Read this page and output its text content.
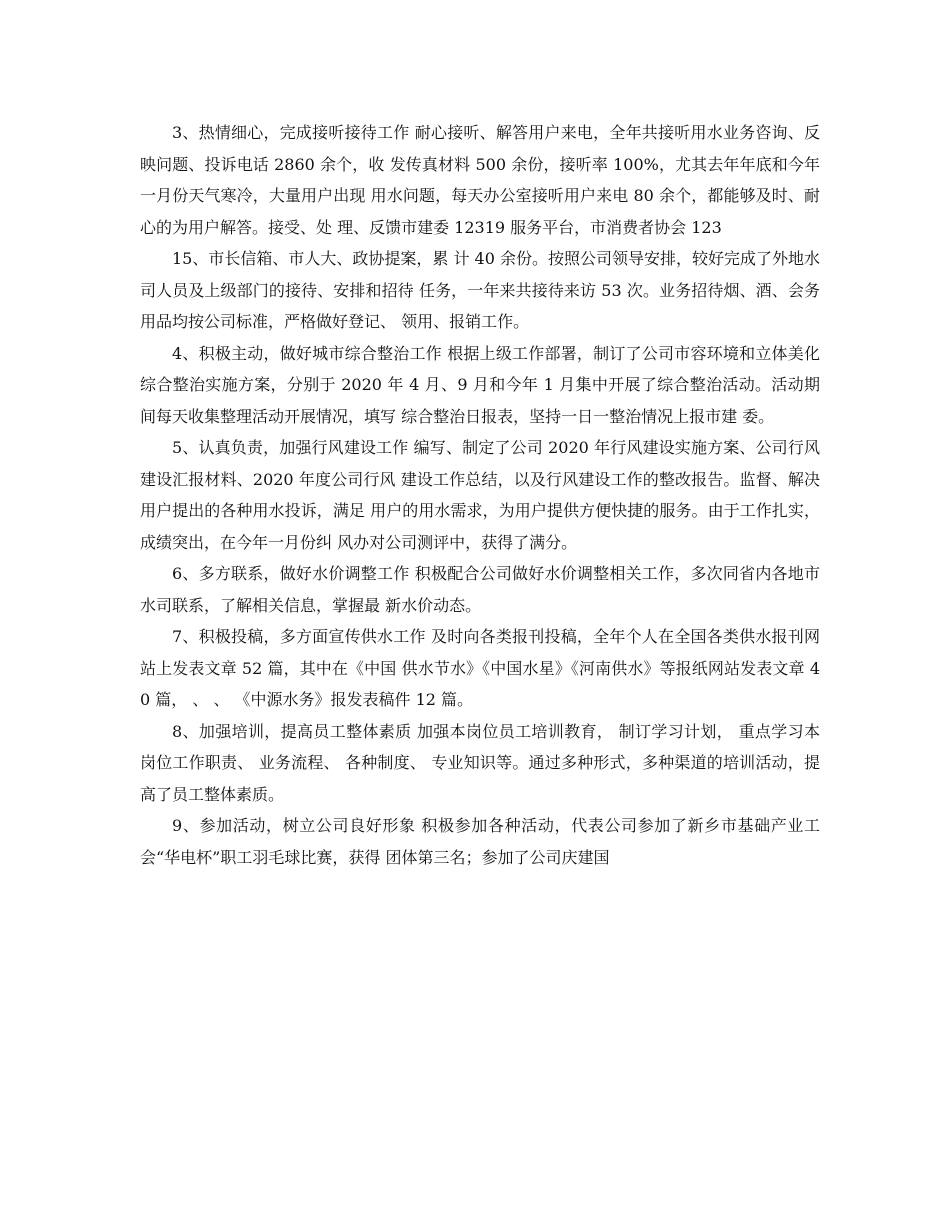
3、热情细心，完成接听接待工作 耐心接听、解答用户来电，全年共接听用水业务咨询、反映问题、投诉电话 2860 余个，收 发传真材料 500 余份，接听率 100%，尤其去年年底和今年一月份天气寒冷，大量用户出现 用水问题，每天办公室接听用户来电 80 余个，都能够及时、耐心的为用户解答。接受、处 理、反馈市建委 12319 服务平台，市消费者协会 123

15、市长信箱、市人大、政协提案，累 计 40 余份。按照公司领导安排，较好完成了外地水司人员及上级部门的接待、安排和招待 任务，一年来共接待来访 53 次。业务招待烟、酒、会务用品均按公司标准，严格做好登记、 领用、报销工作。

4、积极主动，做好城市综合整治工作 根据上级工作部署，制订了公司市容环境和立体美化综合整治实施方案，分别于 2020 年 4 月、9 月和今年 1 月集中开展了综合整治活动。活动期间每天收集整理活动开展情况，填写 综合整治日报表，坚持一日一整治情况上报市建 委。

5、认真负责，加强行风建设工作 编写、制定了公司 2020 年行风建设实施方案、公司行风建设汇报材料、2020 年度公司行风 建设工作总结，以及行风建设工作的整改报告。监督、解决用户提出的各种用水投诉，满足 用户的用水需求，为用户提供方便快捷的服务。由于工作扎实，成绩突出，在今年一月份纠 风办对公司测评中，获得了满分。

6、多方联系，做好水价调整工作 积极配合公司做好水价调整相关工作，多次同省内各地市水司联系，了解相关信息，掌握最 新水价动态。

7、积极投稿，多方面宣传供水工作 及时向各类报刊投稿，全年个人在全国各类供水报刊网站上发表文章 52 篇，其中在《中国 供水节水》《中国水星》《河南供水》等报纸网站发表文章 40 篇， 、 、 《中源水务》报发表稿件 12 篇。

8、加强培训，提高员工整体素质 加强本岗位员工培训教育， 制订学习计划， 重点学习本岗位工作职责、 业务流程、 各种制度、 专业知识等。通过多种形式，多种渠道的培训活动，提高了员工整体素质。

9、参加活动，树立公司良好形象 积极参加各种活动，代表公司参加了新乡市基础产业工会“华电杯”职工羽毛球比赛，获得 团体第三名；参加了公司庆建国
